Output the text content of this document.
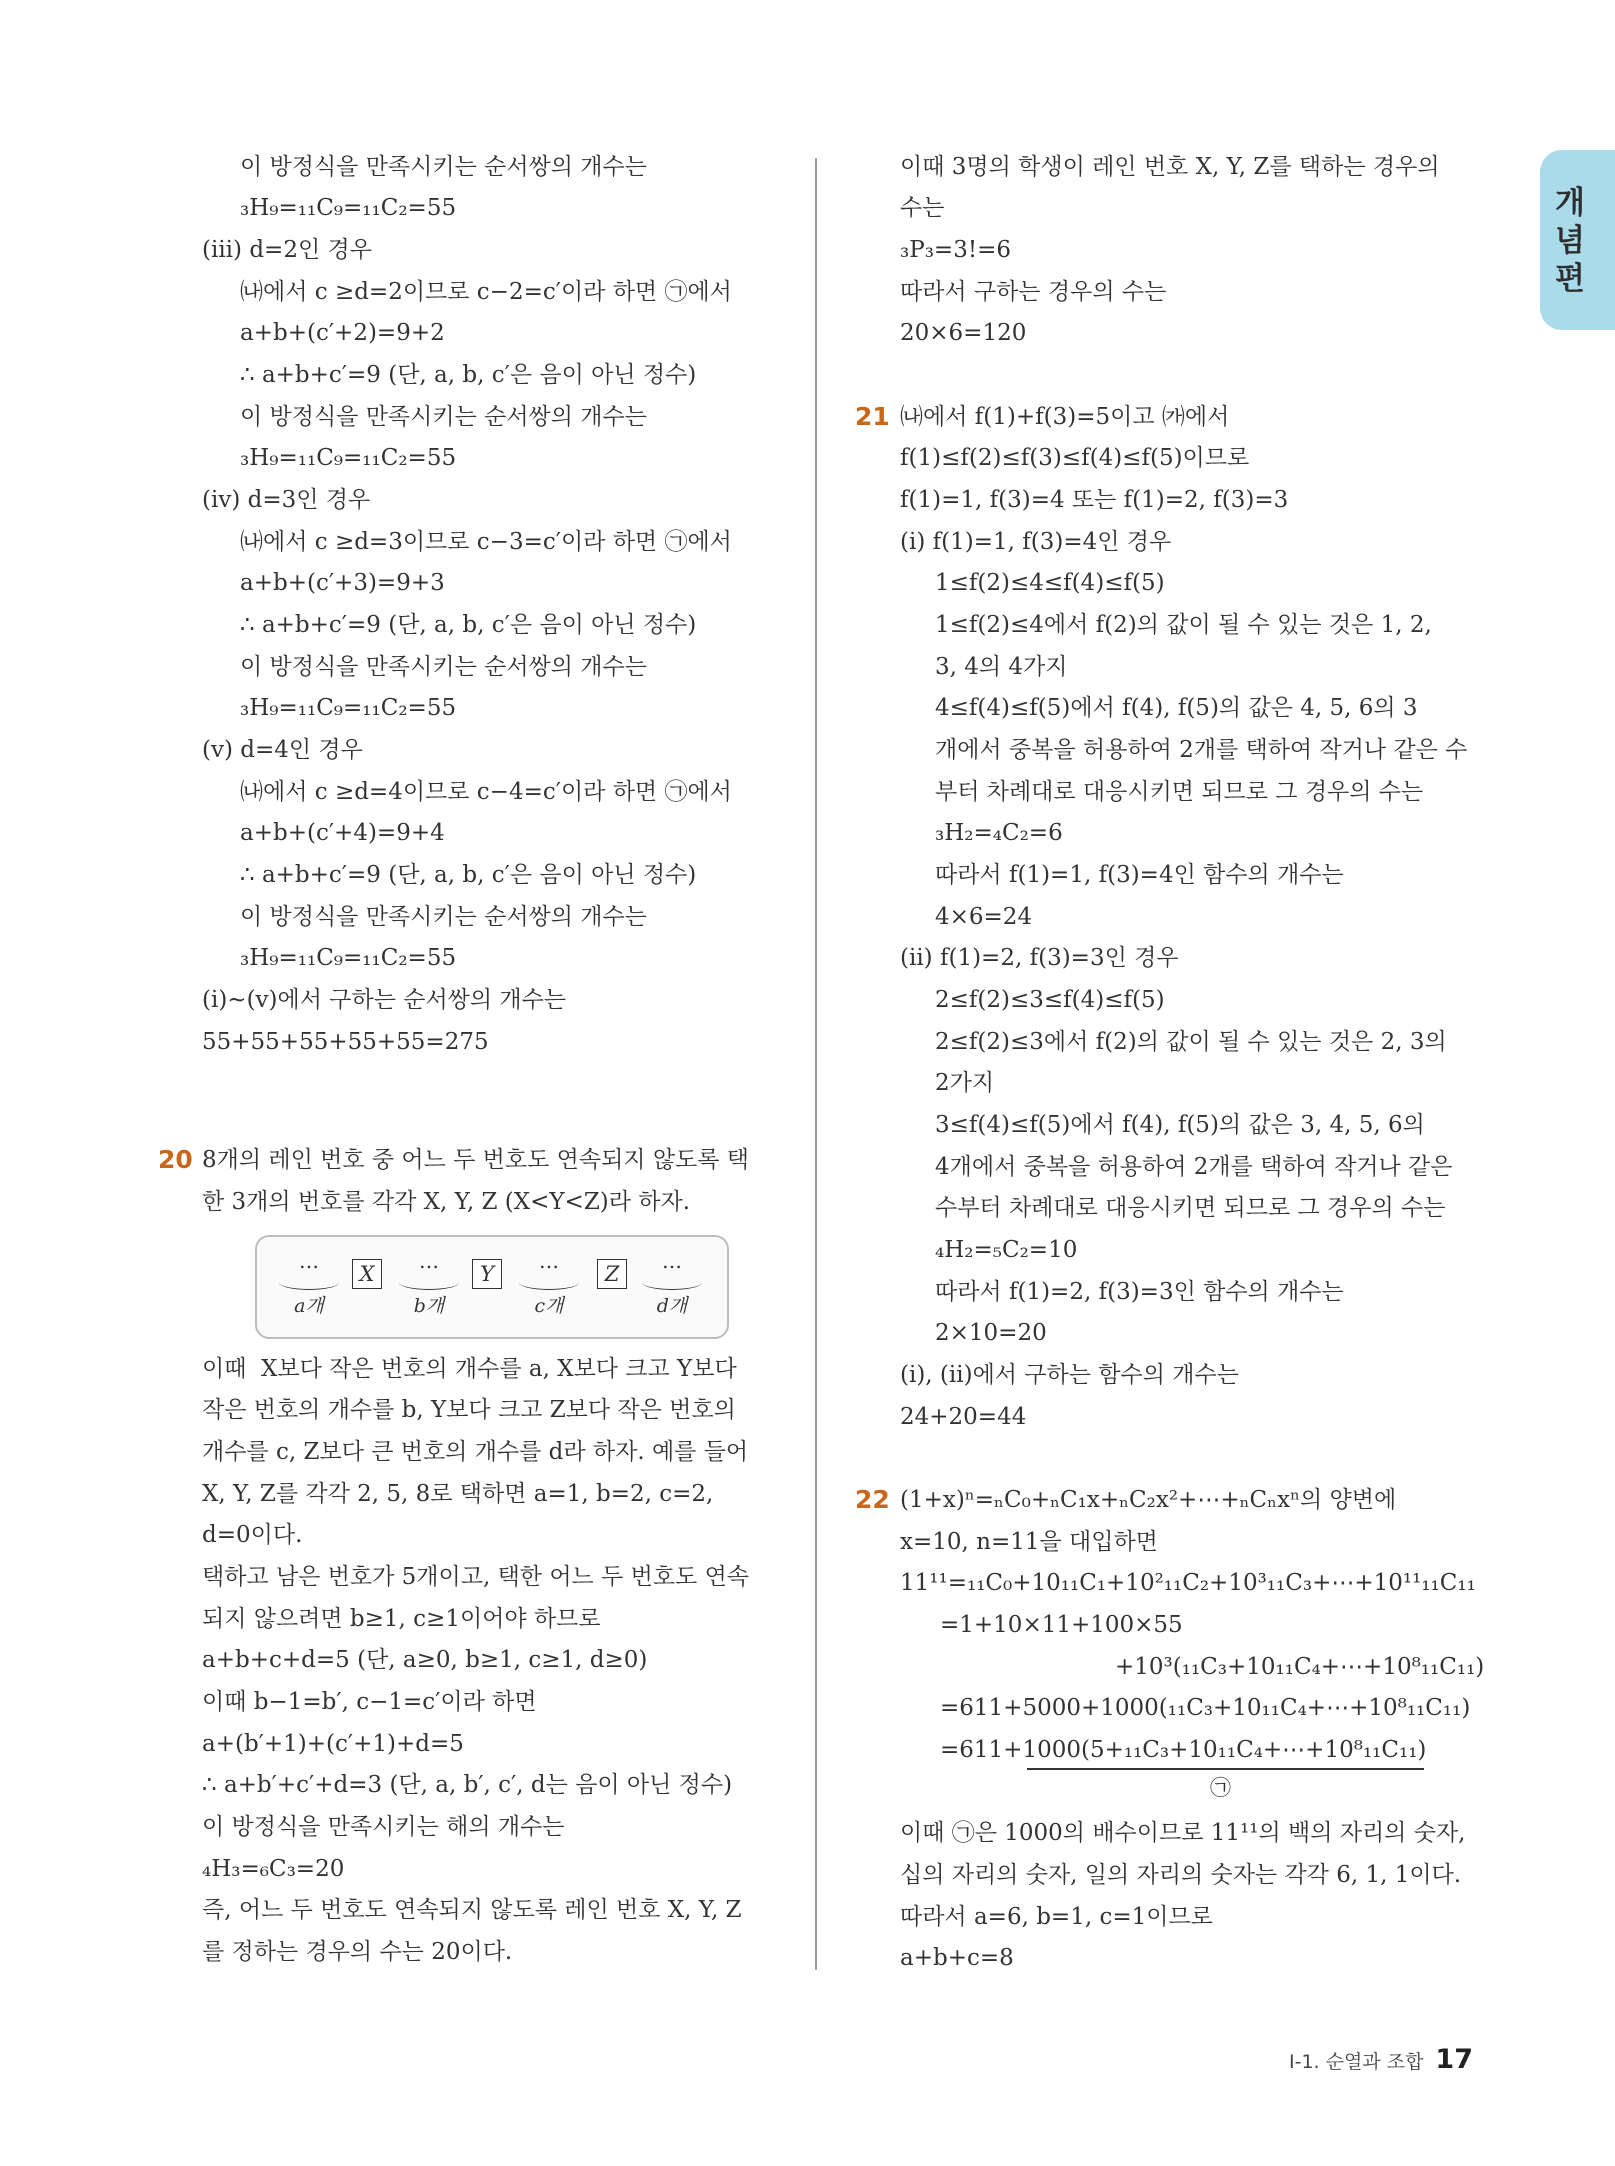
개
념
편
이 방정식을 만족시키는 순서쌍의 개수는
₃H₉=₁₁C₉=₁₁C₂=55
(iii) d=2인 경우
㈏에서 c ≥d=2이므로 c−2=c′이라 하면 ㉠에서
a+b+(c′+2)=9+2
∴ a+b+c′=9 (단, a, b, c′은 음이 아닌 정수)
이 방정식을 만족시키는 순서쌍의 개수는
₃H₉=₁₁C₉=₁₁C₂=55
(iv) d=3인 경우
㈏에서 c ≥d=3이므로 c−3=c′이라 하면 ㉠에서
a+b+(c′+3)=9+3
∴ a+b+c′=9 (단, a, b, c′은 음이 아닌 정수)
이 방정식을 만족시키는 순서쌍의 개수는
₃H₉=₁₁C₉=₁₁C₂=55
(v) d=4인 경우
㈏에서 c ≥d=4이므로 c−4=c′이라 하면 ㉠에서
a+b+(c′+4)=9+4
∴ a+b+c′=9 (단, a, b, c′은 음이 아닌 정수)
이 방정식을 만족시키는 순서쌍의 개수는
₃H₉=₁₁C₉=₁₁C₂=55
(i)~(v)에서 구하는 순서쌍의 개수는
55+55+55+55+55=275
20 8개의 레인 번호 중 어느 두 번호도 연속되지 않도록 택
한 3개의 번호를 각각 X, Y, Z (X<Y<Z)라 하자.
…
a개
X
…
b개
Y
…
c개
Z
…
d개
이때  X보다 작은 번호의 개수를 a, X보다 크고 Y보다
작은 번호의 개수를 b, Y보다 크고 Z보다 작은 번호의
개수를 c, Z보다 큰 번호의 개수를 d라 하자. 예를 들어
X, Y, Z를 각각 2, 5, 8로 택하면 a=1, b=2, c=2,
d=0이다.
택하고 남은 번호가 5개이고, 택한 어느 두 번호도 연속
되지 않으려면 b≥1, c≥1이어야 하므로
a+b+c+d=5 (단, a≥0, b≥1, c≥1, d≥0)
이때 b−1=b′, c−1=c′이라 하면
a+(b′+1)+(c′+1)+d=5
∴ a+b′+c′+d=3 (단, a, b′, c′, d는 음이 아닌 정수)
이 방정식을 만족시키는 해의 개수는
₄H₃=₆C₃=20
즉, 어느 두 번호도 연속되지 않도록 레인 번호 X, Y, Z
를 정하는 경우의 수는 20이다.
이때 3명의 학생이 레인 번호 X, Y, Z를 택하는 경우의
수는
₃P₃=3!=6
따라서 구하는 경우의 수는
20×6=120
21 ㈏에서 f(1)+f(3)=5이고 ㈎에서
f(1)≤f(2)≤f(3)≤f(4)≤f(5)이므로
f(1)=1, f(3)=4 또는 f(1)=2, f(3)=3
(i) f(1)=1, f(3)=4인 경우
1≤f(2)≤4≤f(4)≤f(5)
1≤f(2)≤4에서 f(2)의 값이 될 수 있는 것은 1, 2,
3, 4의 4가지
4≤f(4)≤f(5)에서 f(4), f(5)의 값은 4, 5, 6의 3
개에서 중복을 허용하여 2개를 택하여 작거나 같은 수
부터 차례대로 대응시키면 되므로 그 경우의 수는
₃H₂=₄C₂=6
따라서 f(1)=1, f(3)=4인 함수의 개수는
4×6=24
(ii) f(1)=2, f(3)=3인 경우
2≤f(2)≤3≤f(4)≤f(5)
2≤f(2)≤3에서 f(2)의 값이 될 수 있는 것은 2, 3의
2가지
3≤f(4)≤f(5)에서 f(4), f(5)의 값은 3, 4, 5, 6의
4개에서 중복을 허용하여 2개를 택하여 작거나 같은
수부터 차례대로 대응시키면 되므로 그 경우의 수는
₄H₂=₅C₂=10
따라서 f(1)=2, f(3)=3인 함수의 개수는
2×10=20
(i), (ii)에서 구하는 함수의 개수는
24+20=44
22 (1+x)ⁿ=ₙC₀+ₙC₁x+ₙC₂x²+⋯+ₙCₙxⁿ의 양변에
x=10, n=11을 대입하면
11¹¹=₁₁C₀+10₁₁C₁+10²₁₁C₂+10³₁₁C₃+⋯+10¹¹₁₁C₁₁
=1+10×11+100×55
+10³(₁₁C₃+10₁₁C₄+⋯+10⁸₁₁C₁₁)
=611+5000+1000(₁₁C₃+10₁₁C₄+⋯+10⁸₁₁C₁₁)
=611+1000(5+₁₁C₃+10₁₁C₄+⋯+10⁸₁₁C₁₁)
이때 ㉠은 1000의 배수이므로 11¹¹의 백의 자리의 숫자,
십의 자리의 숫자, 일의 자리의 숫자는 각각 6, 1, 1이다.
따라서 a=6, b=1, c=1이므로
a+b+c=8
㉠
Ⅰ-1. 순열과 조합 17
